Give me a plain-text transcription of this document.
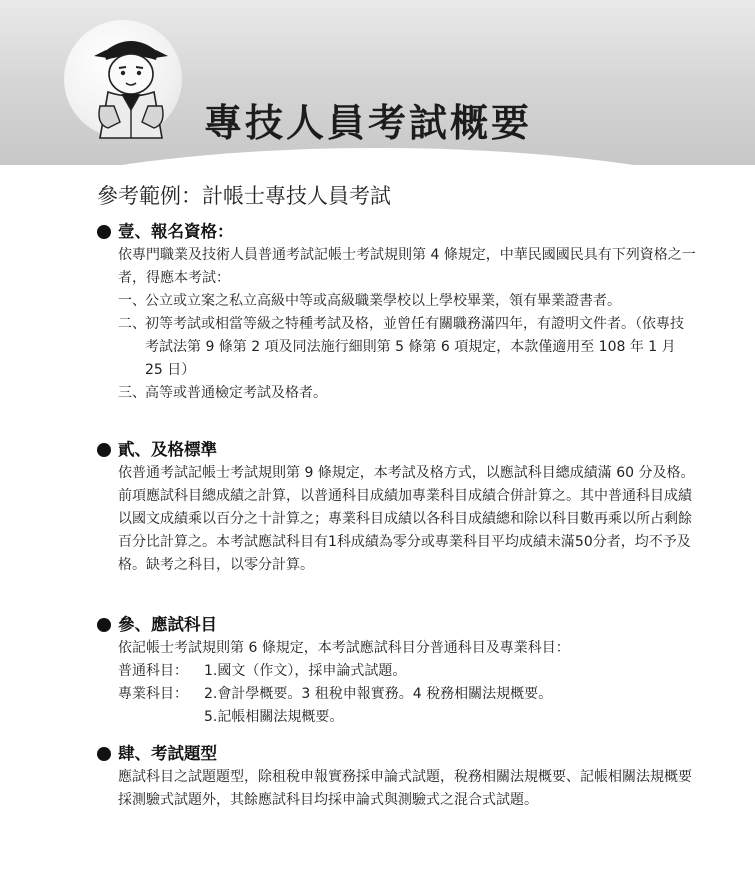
專技人員考試概要
參考範例：計帳士專技人員考試
壹、報名資格：

依專門職業及技術人員普通考試記帳士考試規則第 4 條規定，中華民國國民具有下列資格之一者，得應本考試：

一、 公立或立案之私立高級中等或高級職業學校以上學校畢業，領有畢業證書者。
二、 初等考試或相當等級之特種考試及格，並曾任有關職務滿四年，有證明文件者。（依專技考試法第 9 條第 2 項及同法施行細則第 5 條第 6 項規定，本款僅適用至 108 年 1 月 25 日）
三、 高等或普通檢定考試及格者。
貳、及格標準

依普通考試記帳士考試規則第 9 條規定，本考試及格方式，以應試科目總成績滿 60 分及格。前項應試科目總成績之計算，以普通科目成績加專業科目成績合併計算之。其中普通科目成績以國文成績乘以百分之十計算之；專業科目成績以各科目成績總和除以科目數再乘以所占剩餘百分比計算之。本考試應試科目有1科成績為零分或專業科目平均成績未滿50分者，均不予及格。缺考之科目，以零分計算。

參、應試科目

依記帳士考試規則第 6 條規定，本考試應試科目分普通科目及專業科目：

普通科目：	1.國文（作文），採申論式試題。
專業科目：	2.會計學概要。3 租稅申報實務。4 稅務相關法規概要。
5.記帳相關法規概要。
肆、考試題型

應試科目之試題題型，除租稅申報實務採申論式試題，稅務相關法規概要、記帳相關法規概要採測驗式試題外，其餘應試科目均採申論式與測驗式之混合式試題。
